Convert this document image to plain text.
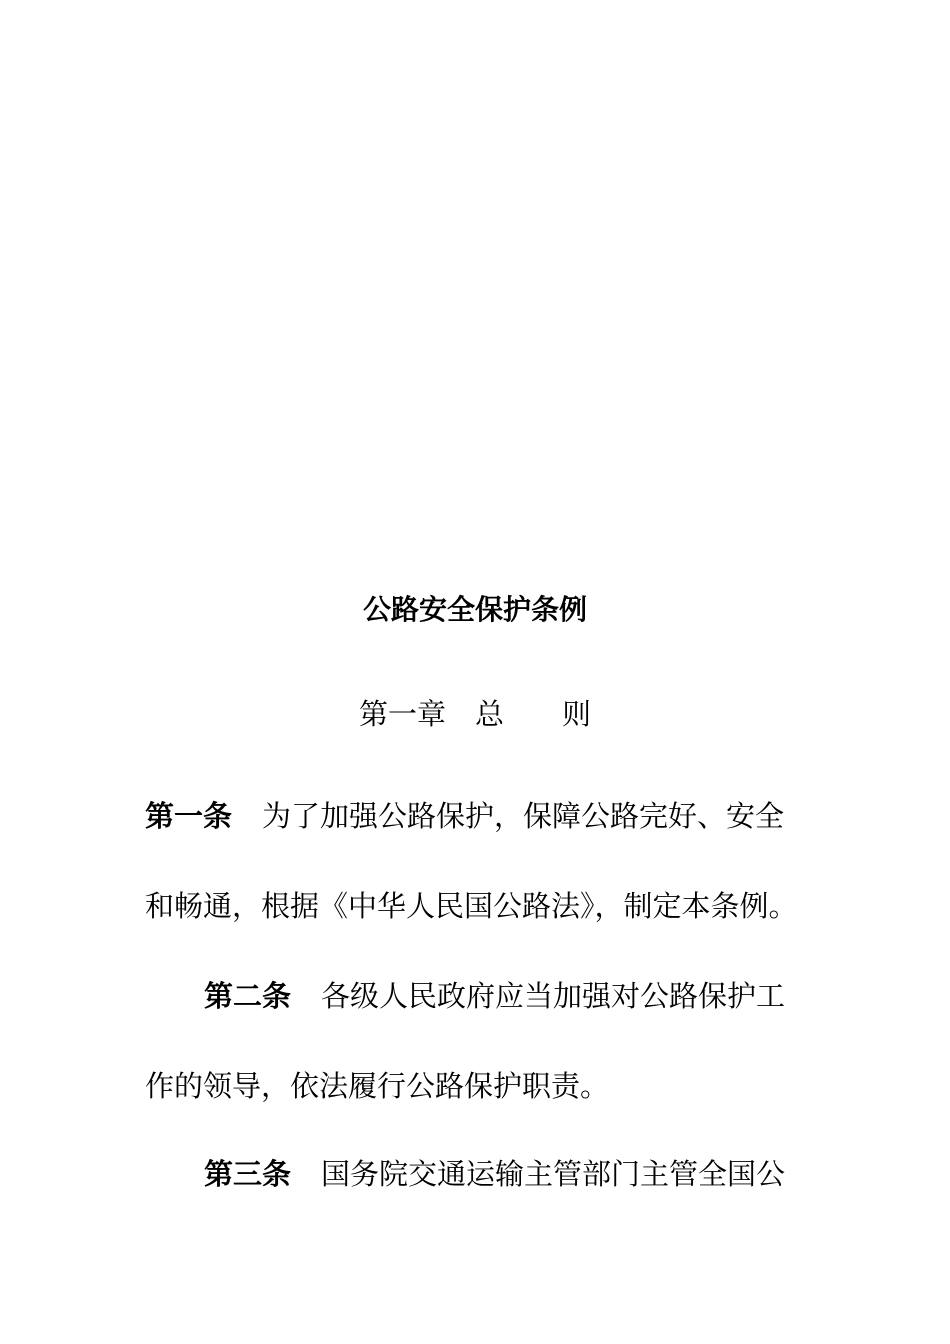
公路安全保护条例
第一章　总　　则
第一条 为了加强公路保护，保障公路完好、安全
和畅通，根据《中华人民国公路法》，制定本条例。
第二条 各级人民政府应当加强对公路保护工
作的领导，依法履行公路保护职责。
第三条 国务院交通运输主管部门主管全国公
